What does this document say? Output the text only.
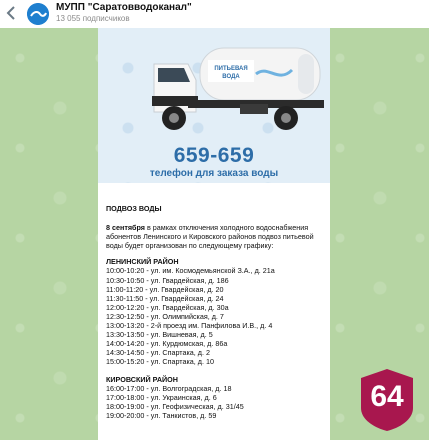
МУПП "Саратовводоканал"
13 055 подписчиков
ПИТЬЕВАЯ
ВОДА
659-659
телефон для заказа воды
ПОДВОЗ ВОДЫ
8 сентября в рамках отключения холодного водоснабжения абонентов Ленинского и Кировского районов подвоз питьевой воды будет организован по следующему графику:
ЛЕНИНСКИЙ РАЙОН
10:00-10:20 - ул. им. Космодемьянской З.А., д. 21а
10:30-10:50 - ул. Гвардейская, д. 186
11:00-11:20 - ул. Гвардейская, д. 20
11:30-11:50 - ул. Гвардейская, д. 24
12:00-12:20 - ул. Гвардейская, д. 30а
12:30-12:50 - ул. Олимпийская, д. 7
13:00-13:20 - 2-й проезд им. Панфилова И.В., д. 4
13:30-13:50 - ул. Вишневая, д. 5
14:00-14:20 - ул. Курдюмская, д. 86а
14:30-14:50 - ул. Спартака, д. 2
15:00-15:20 - ул. Спартака, д. 10
КИРОВСКИЙ РАЙОН
16:00-17:00 - ул. Волгоградская, д. 18
17:00-18:00 - ул. Украинская, д. 6
18:00-19:00 - ул. Геофизическая, д. 31/45
19:00-20:00 - ул. Танкистов, д. 59
64
